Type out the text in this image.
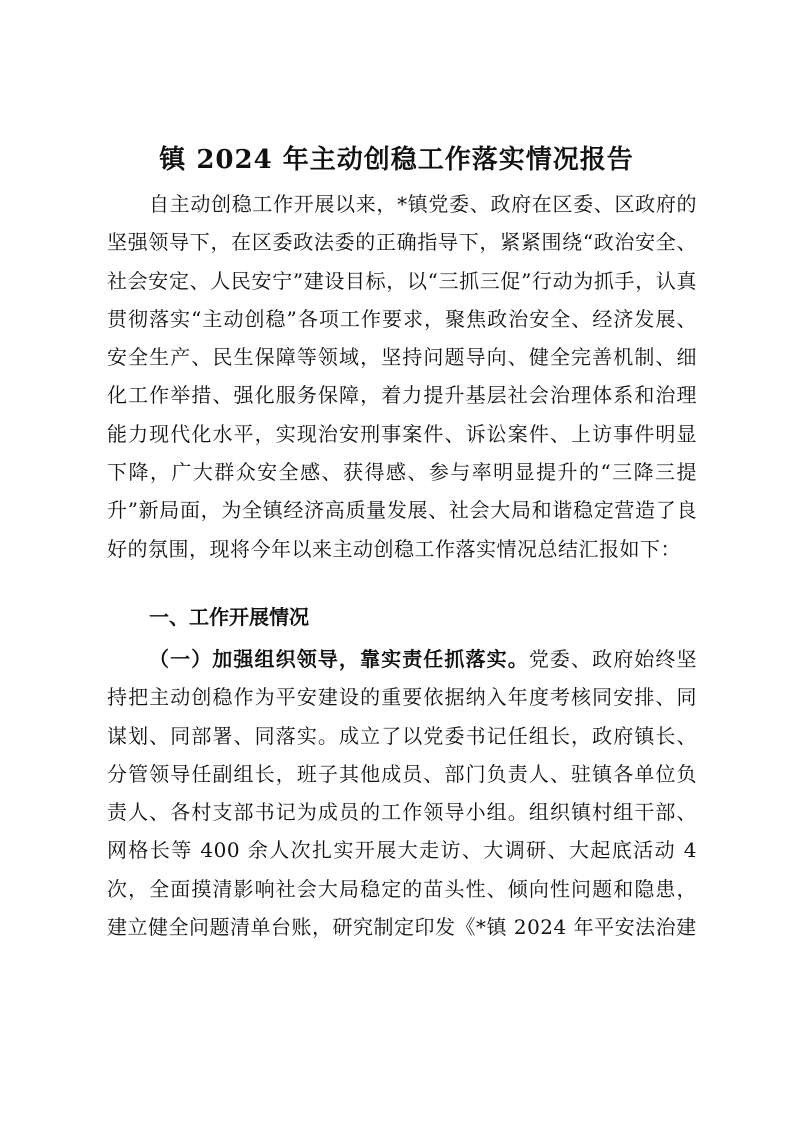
镇 2024 年主动创稳工作落实情况报告

自主动创稳工作开展以来，*镇党委、政府在区委、区政府的坚强领导下，在区委政法委的正确指导下，紧紧围绕“政治安全、社会安定、人民安宁”建设目标，以“三抓三促”行动为抓手，认真贯彻落实“主动创稳”各项工作要求，聚焦政治安全、经济发展、安全生产、民生保障等领域，坚持问题导向、健全完善机制、细化工作举措、强化服务保障，着力提升基层社会治理体系和治理能力现代化水平，实现治安刑事案件、诉讼案件、上访事件明显下降，广大群众安全感、获得感、参与率明显提升的“三降三提升”新局面，为全镇经济高质量发展、社会大局和谐稳定营造了良好的氛围，现将今年以来主动创稳工作落实情况总结汇报如下：

一、工作开展情况

（一）加强组织领导，靠实责任抓落实。党委、政府始终坚持把主动创稳作为平安建设的重要依据纳入年度考核同安排、同谋划、同部署、同落实。成立了以党委书记任组长，政府镇长、分管领导任副组长，班子其他成员、部门负责人、驻镇各单位负责人、各村支部书记为成员的工作领导小组。组织镇村组干部、网格长等 400 余人次扎实开展大走访、大调研、大起底活动 4 次，全面摸清影响社会大局稳定的苗头性、倾向性问题和隐患，建立健全问题清单台账，研究制定印发《*镇 2024 年平安法治建
